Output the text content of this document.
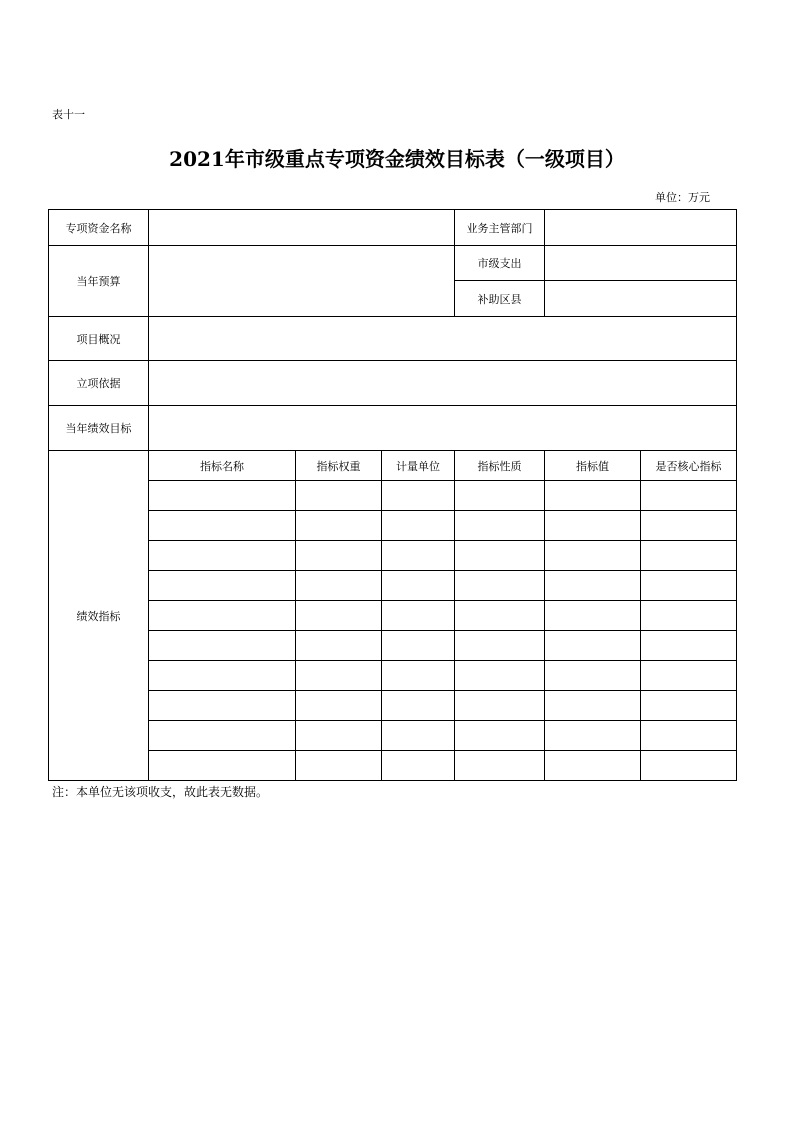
表十一
2021年市级重点专项资金绩效目标表（一级项目）
单位：万元
专项资金名称				业务主管部门		
当年预算				市级支出		
				补助区县		
项目概况						
立项依据						
当年绩效目标						
绩效指标	指标名称	指标权重	计量单位	指标性质	指标值	是否核心指标

注：本单位无该项收支，故此表无数据。
